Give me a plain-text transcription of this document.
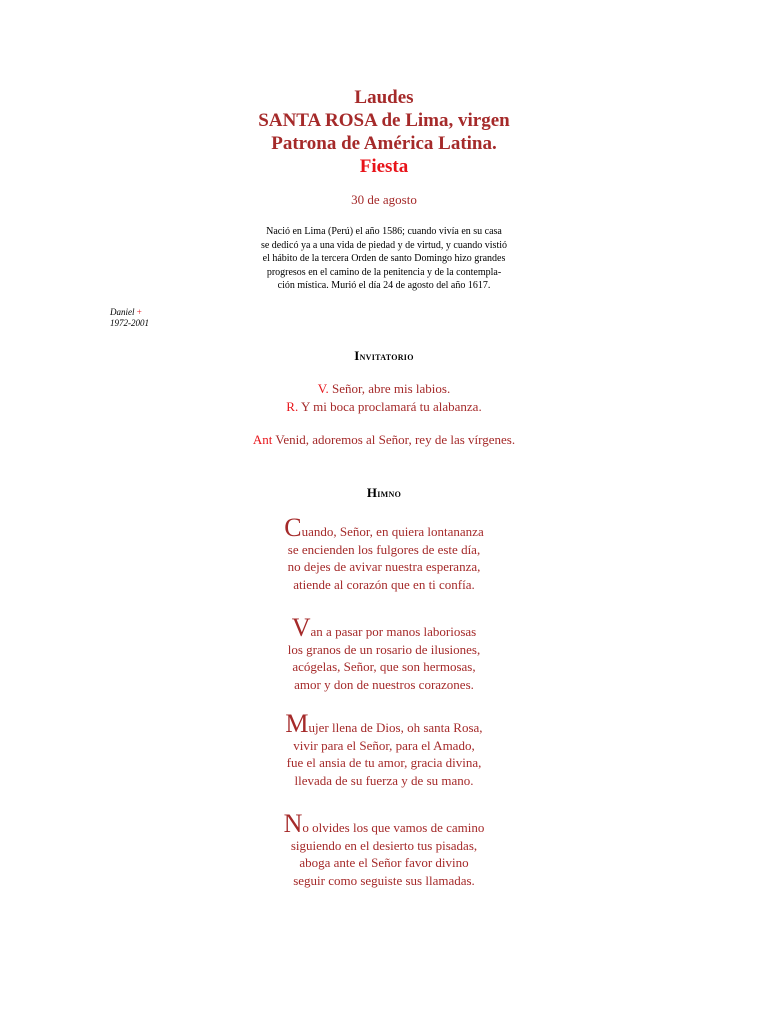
Laudes
SANTA ROSA de Lima, virgen
Patrona de América Latina.
Fiesta
30 de agosto
Nació en Lima (Perú) el año 1586; cuando vivía en su casa
se dedicó ya a una vida de piedad y de virtud, y cuando vistió
el hábito de la tercera Orden de santo Domingo hizo grandes
progresos en el camino de la penitencia y de la contempla-
ción mística. Murió el día 24 de agosto del año 1617.
Daniel +
1972-2001
Invitatorio
V. Señor, abre mis labios.
R. Y mi boca proclamará tu alabanza.
Ant Venid, adoremos al Señor, rey de las vírgenes.
Himno
Cuando, Señor, en quiera lontananza
se encienden los fulgores de este día,
no dejes de avivar nuestra esperanza,
atiende al corazón que en ti confía.
Van a pasar por manos laboriosas
los granos de un rosario de ilusiones,
acógelas, Señor, que son hermosas,
amor y don de nuestros corazones.
Mujer llena de Dios, oh santa Rosa,
vivir para el Señor, para el Amado,
fue el ansia de tu amor, gracia divina,
llevada de su fuerza y de su mano.
No olvides los que vamos de camino
siguiendo en el desierto tus pisadas,
aboga ante el Señor favor divino
seguir como seguiste sus llamadas.
